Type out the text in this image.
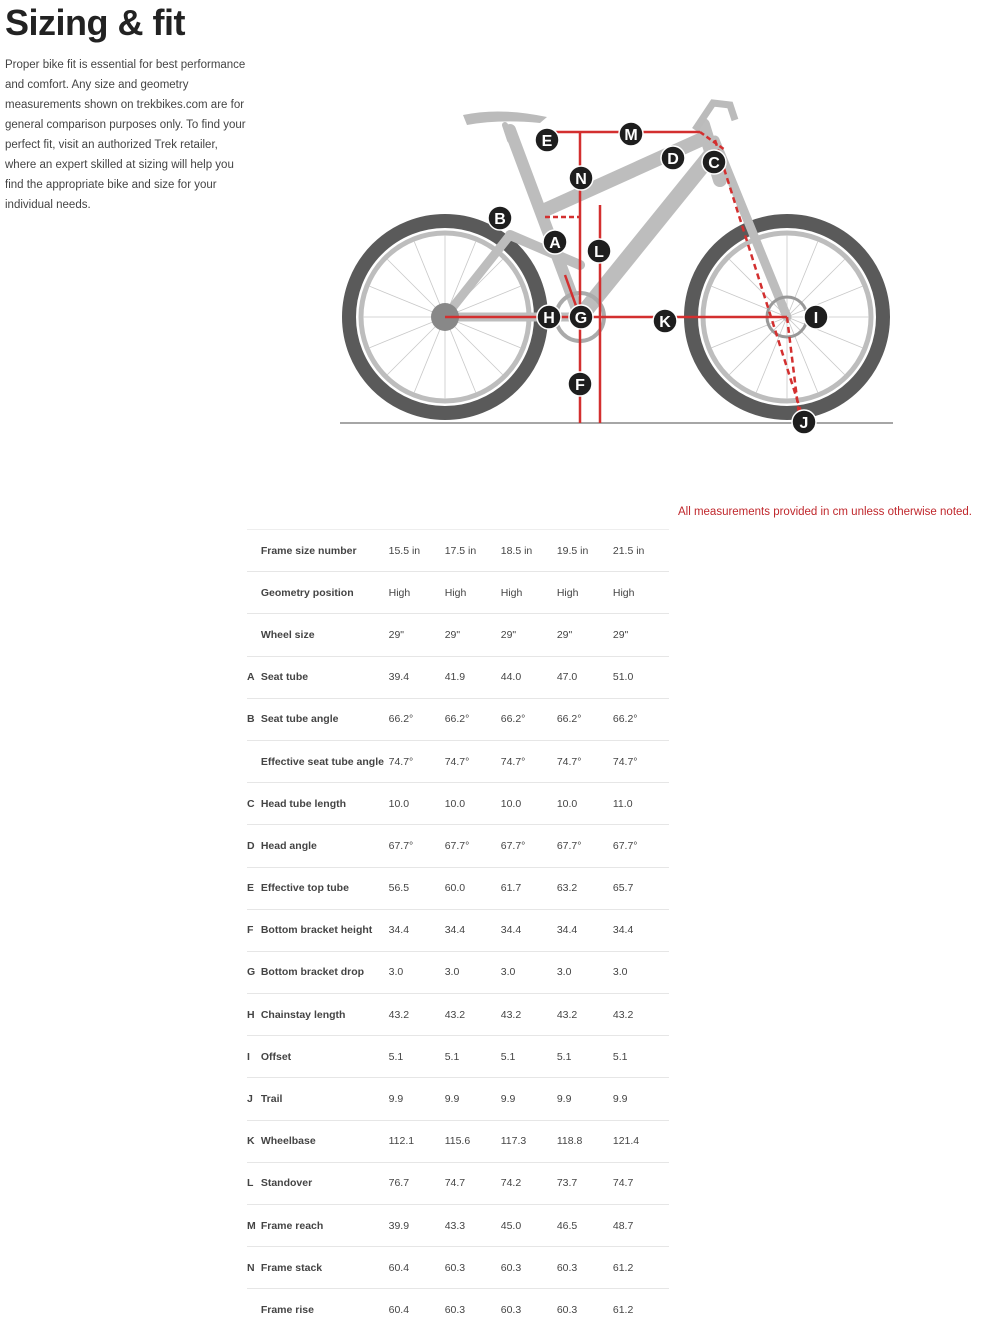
Sizing & fit

Proper bike fit is essential for best performance and comfort. Any size and geometry measurements shown on trekbikes.com are for general comparison purposes only. To find your perfect fit, visit an authorized Trek retailer, where an expert skilled at sizing will help you find the appropriate bike and size for your individual needs.

A
B
C
D
E
F
G
H	I
J
K
L
M
N
All measurements provided in cm unless otherwise noted.
	Frame size number	15.5 in	17.5 in	18.5 in	19.5 in	21.5 in
	Geometry position	High	High	High	High	High
	Wheel size	29"	29"	29"	29"	29"
A	Seat tube	39.4	41.9	44.0	47.0	51.0
B	Seat tube angle	66.2°	66.2°	66.2°	66.2°	66.2°
	Effective seat tube angle	74.7°	74.7°	74.7°	74.7°	74.7°
C	Head tube length	10.0	10.0	10.0	10.0	11.0
D	Head angle	67.7°	67.7°	67.7°	67.7°	67.7°
E	Effective top tube	56.5	60.0	61.7	63.2	65.7
F	Bottom bracket height	34.4	34.4	34.4	34.4	34.4
G	Bottom bracket drop	3.0	3.0	3.0	3.0	3.0
H	Chainstay length	43.2	43.2	43.2	43.2	43.2
I	Offset	5.1	5.1	5.1	5.1	5.1
J	Trail	9.9	9.9	9.9	9.9	9.9
K	Wheelbase	112.1	115.6	117.3	118.8	121.4
L	Standover	76.7	74.7	74.2	73.7	74.7
M	Frame reach	39.9	43.3	45.0	46.5	48.7
N	Frame stack	60.4	60.3	60.3	60.3	61.2
	Frame rise	60.4	60.3	60.3	60.3	61.2
